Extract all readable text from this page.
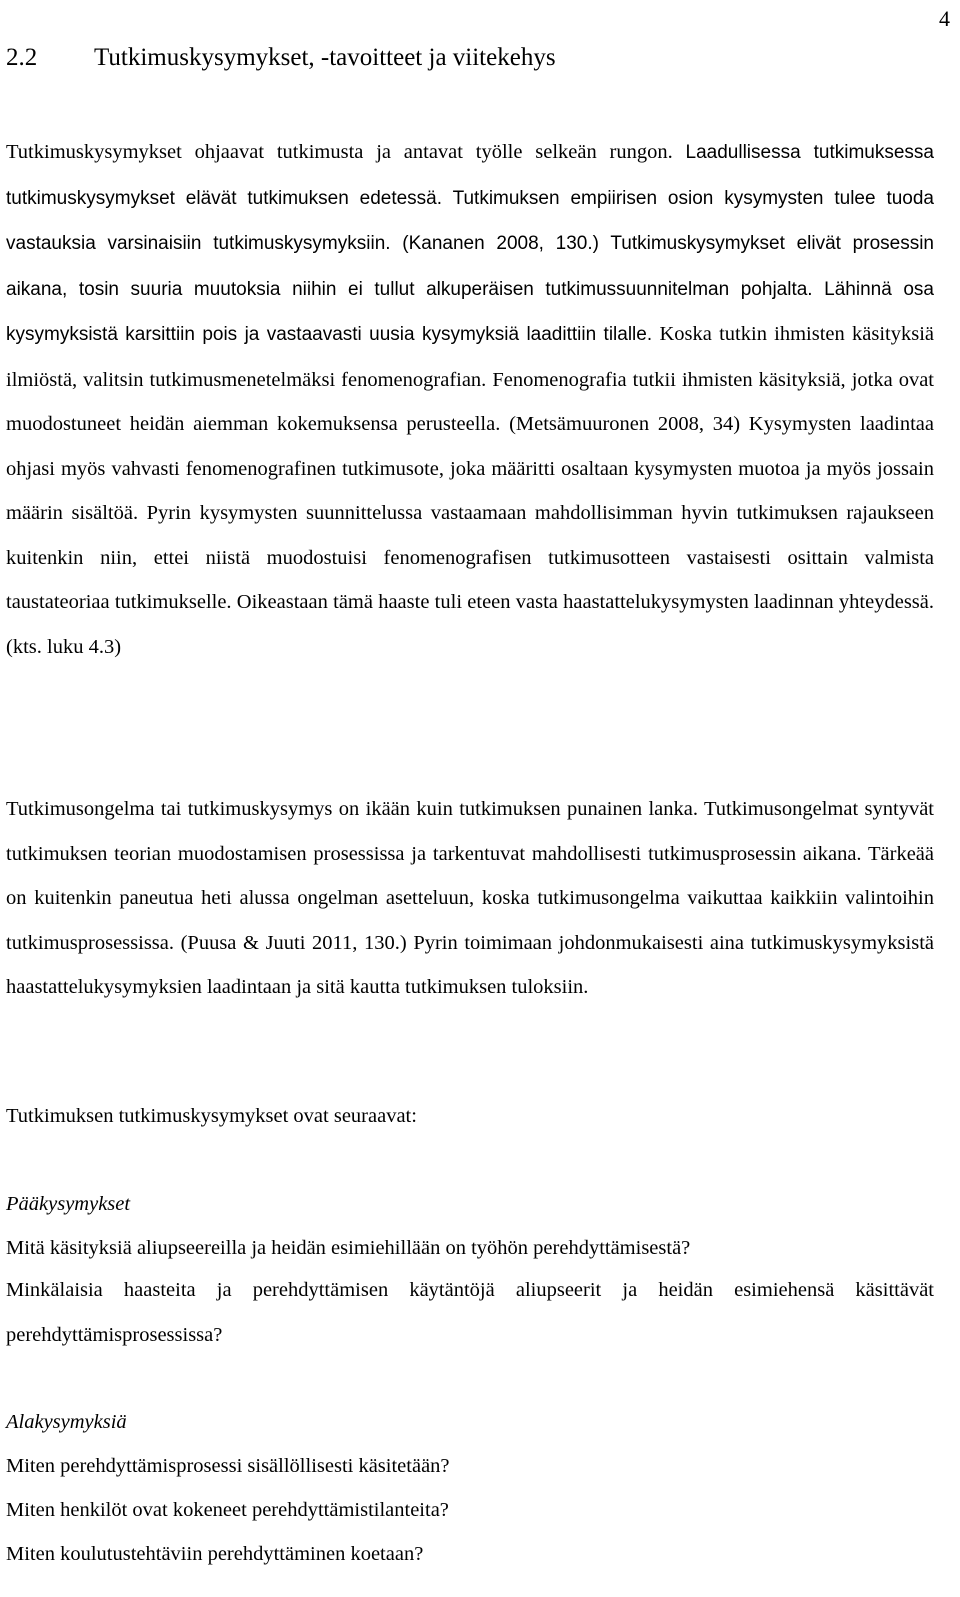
4
2.2 Tutkimuskysymykset, -tavoitteet ja viitekehys

Tutkimuskysymykset ohjaavat tutkimusta ja antavat työlle selkeän rungon. Laadullisessa tutkimuksessa tutkimuskysymykset elävät tutkimuksen edetessä. Tutkimuksen empiirisen osion kysymysten tulee tuoda vastauksia varsinaisiin tutkimuskysymyksiin. (Kananen 2008, 130.) Tutkimuskysymykset elivät prosessin aikana, tosin suuria muutoksia niihin ei tullut alkuperäisen tutkimussuunnitelman pohjalta. Lähinnä osa kysymyksistä karsittiin pois ja vastaavasti uusia kysymyksiä laadittiin tilalle. Koska tutkin ihmisten käsityksiä ilmiöstä, valitsin tutkimusmenetelmäksi fenomenografian. Fenomenografia tutkii ihmisten käsityksiä, jotka ovat muodostuneet heidän aiemman kokemuksensa perusteella. (Metsämuuronen 2008, 34) Kysymysten laadintaa ohjasi myös vahvasti fenomenografinen tutkimusote, joka määritti osaltaan kysymysten muotoa ja myös jossain määrin sisältöä. Pyrin kysymysten suunnittelussa vastaamaan mahdollisimman hyvin tutkimuksen rajaukseen kuitenkin niin, ettei niistä muodostuisi fenomenografisen tutkimusotteen vastaisesti osittain valmista taustateoriaa tutkimukselle. Oikeastaan tämä haaste tuli eteen vasta haastattelukysymysten laadinnan yhteydessä. (kts. luku 4.3)

Tutkimusongelma tai tutkimuskysymys on ikään kuin tutkimuksen punainen lanka. Tutkimusongelmat syntyvät tutkimuksen teorian muodostamisen prosessissa ja tarkentuvat mahdollisesti tutkimusprosessin aikana. Tärkeää on kuitenkin paneutua heti alussa ongelman asetteluun, koska tutkimusongelma vaikuttaa kaikkiin valintoihin tutkimusprosessissa. (Puusa & Juuti 2011, 130.) Pyrin toimimaan johdonmukaisesti aina tutkimuskysymyksistä haastattelukysymyksien laadintaan ja sitä kautta tutkimuksen tuloksiin.

Tutkimuksen tutkimuskysymykset ovat seuraavat:
Pääkysymykset
Mitä käsityksiä aliupseereilla ja heidän esimiehillään on työhön perehdyttämisestä?

Minkälaisia haasteita ja perehdyttämisen käytäntöjä aliupseerit ja heidän esimiehensä käsittävät perehdyttämisprosessissa?

Alakysymyksiä
Miten perehdyttämisprosessi sisällöllisesti käsitetään?
Miten henkilöt ovat kokeneet perehdyttämistilanteita?
Miten koulutustehtäviin perehdyttäminen koetaan?
